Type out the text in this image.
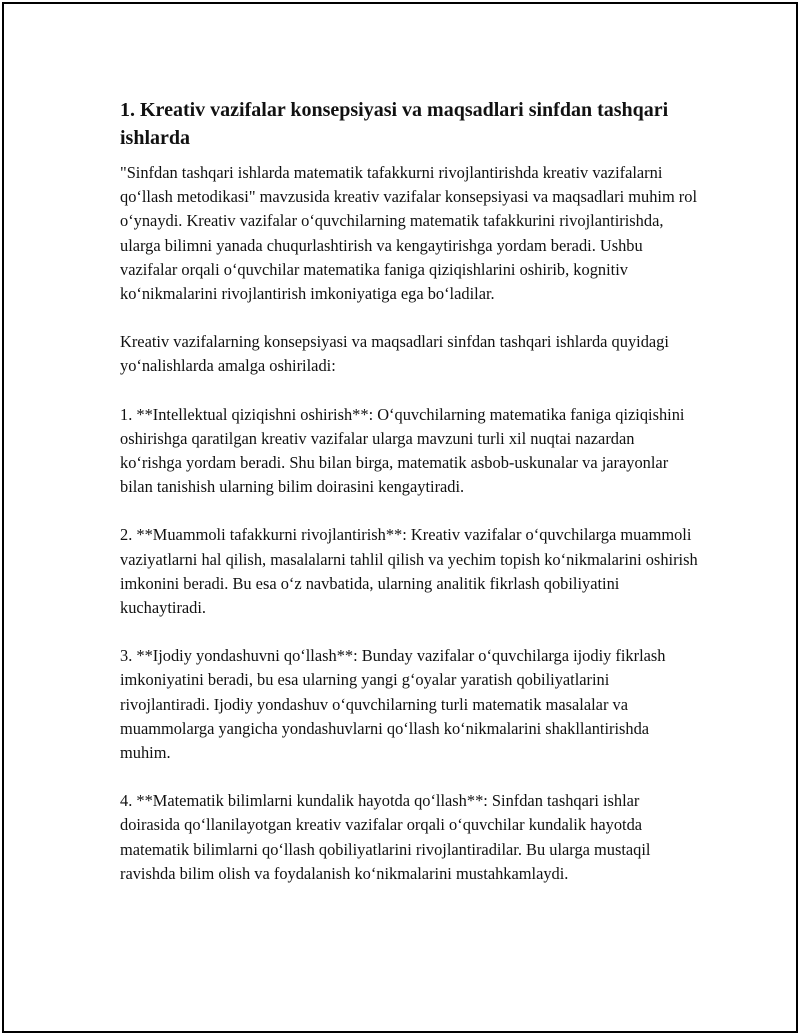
1. Kreativ vazifalar konsepsiyasi va maqsadlari sinfdan tashqari ishlarda

"Sinfdan tashqari ishlarda matematik tafakkurni rivojlantirishda kreativ vazifalarni qo‘llash metodikasi" mavzusida kreativ vazifalar konsepsiyasi va maqsadlari muhim rol o‘ynaydi. Kreativ vazifalar o‘quvchilarning matematik tafakkurini rivojlantirishda, ularga bilimni yanada chuqurlashtirish va kengaytirishga yordam beradi. Ushbu vazifalar orqali o‘quvchilar matematika faniga qiziqishlarini oshirib, kognitiv ko‘nikmalarini rivojlantirish imkoniyatiga ega bo‘ladilar.

Kreativ vazifalarning konsepsiyasi va maqsadlari sinfdan tashqari ishlarda quyidagi yo‘nalishlarda amalga oshiriladi:

1. **Intellektual qiziqishni oshirish**: O‘quvchilarning matematika faniga qiziqishini oshirishga qaratilgan kreativ vazifalar ularga mavzuni turli xil nuqtai nazardan ko‘rishga yordam beradi. Shu bilan birga, matematik asbob-uskunalar va jarayonlar bilan tanishish ularning bilim doirasini kengaytiradi.

2. **Muammoli tafakkurni rivojlantirish**: Kreativ vazifalar o‘quvchilarga muammoli vaziyatlarni hal qilish, masalalarni tahlil qilish va yechim topish ko‘nikmalarini oshirish imkonini beradi. Bu esa o‘z navbatida, ularning analitik fikrlash qobiliyatini kuchaytiradi.

3. **Ijodiy yondashuvni qo‘llash**: Bunday vazifalar o‘quvchilarga ijodiy fikrlash imkoniyatini beradi, bu esa ularning yangi g‘oyalar yaratish qobiliyatlarini rivojlantiradi. Ijodiy yondashuv o‘quvchilarning turli matematik masalalar va muammolarga yangicha yondashuvlarni qo‘llash ko‘nikmalarini shakllantirishda muhim.

4. **Matematik bilimlarni kundalik hayotda qo‘llash**: Sinfdan tashqari ishlar doirasida qo‘llanilayotgan kreativ vazifalar orqali o‘quvchilar kundalik hayotda matematik bilimlarni qo‘llash qobiliyatlarini rivojlantiradilar. Bu ularga mustaqil ravishda bilim olish va foydalanish ko‘nikmalarini mustahkamlaydi.
